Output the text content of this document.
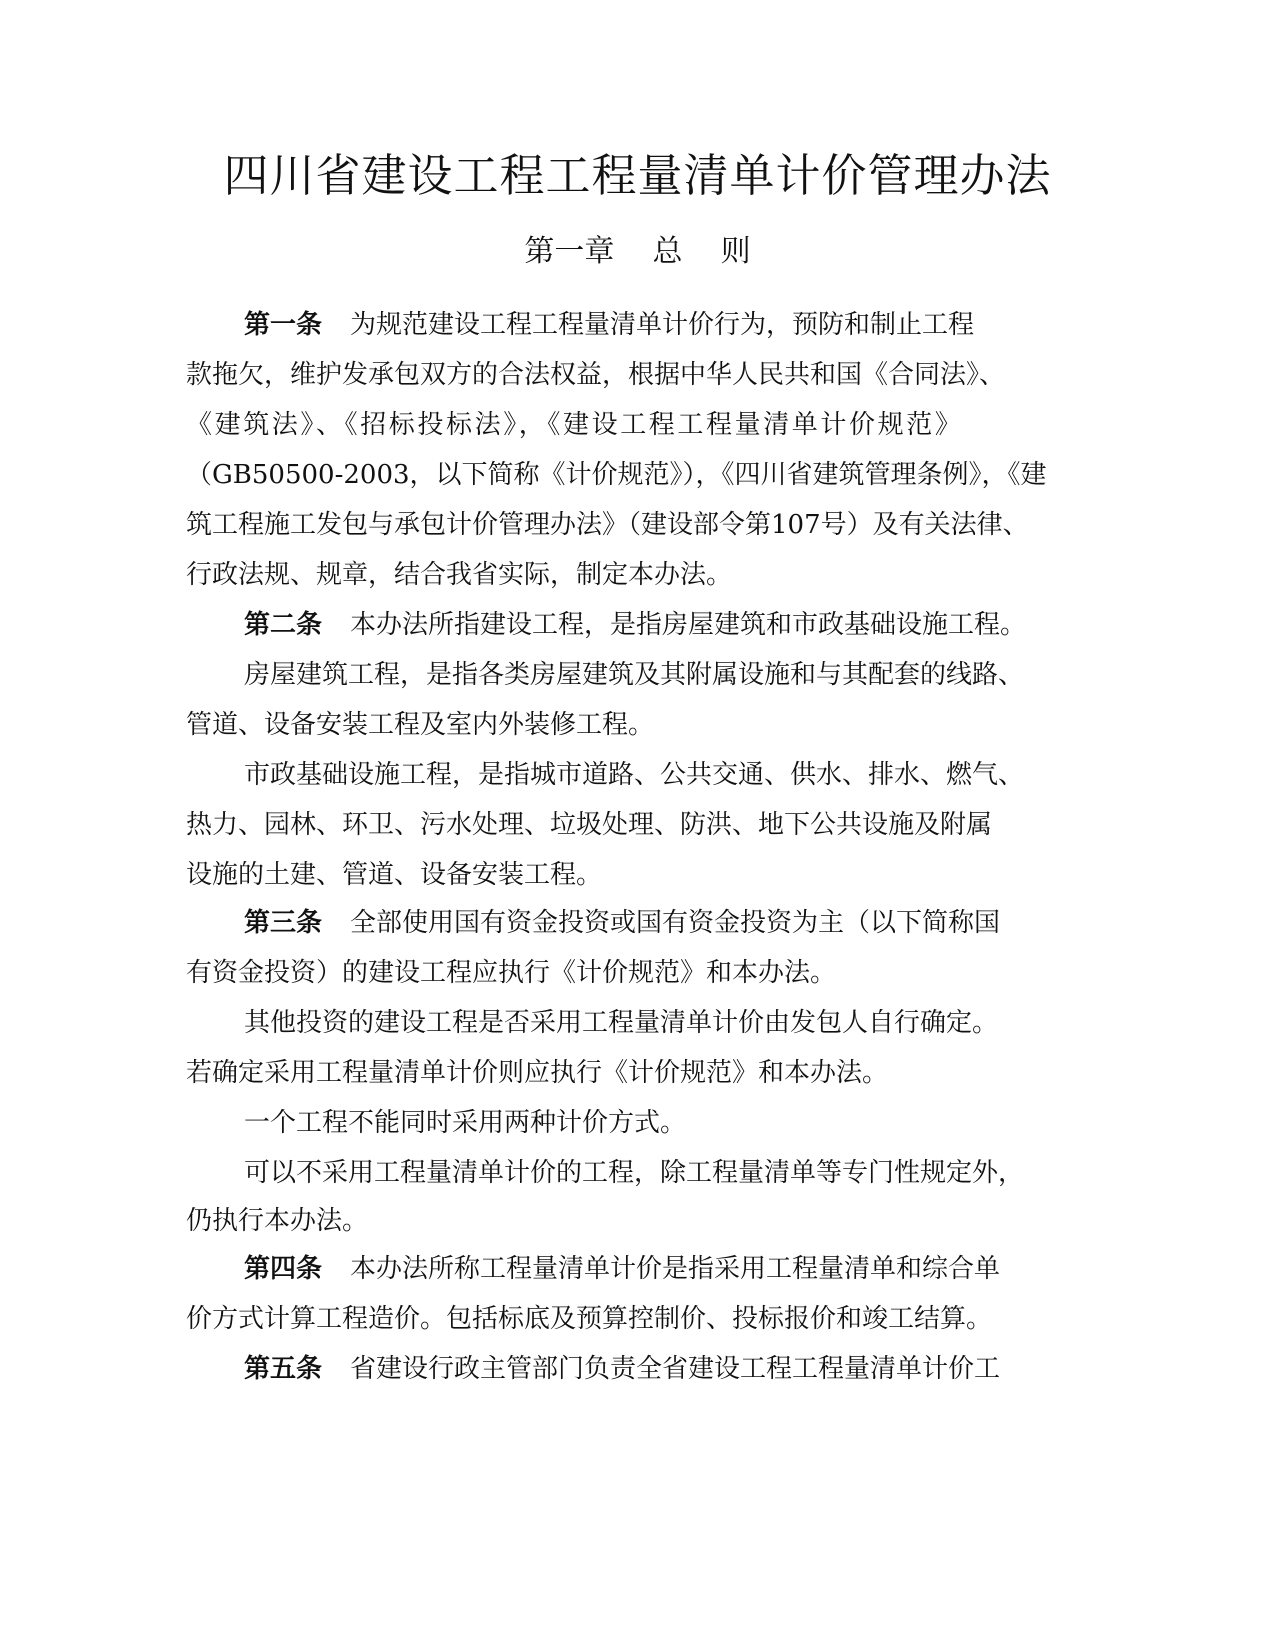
四川省建设工程工程量清单计价管理办法
第一章    总    则
第一条 为规范建设工程工程量清单计价行为，预防和制止工程
款拖欠，维护发承包双方的合法权益，根据中华人民共和国《合同法》、
《建筑法》、《招标投标法》，《建设工程工程量清单计价规范》
（GB50500-2003，以下简称《计价规范》），《四川省建筑管理条例》，《建
筑工程施工发包与承包计价管理办法》（建设部令第107号）及有关法律、
行政法规、规章，结合我省实际，制定本办法。
第二条 本办法所指建设工程，是指房屋建筑和市政基础设施工程。
房屋建筑工程，是指各类房屋建筑及其附属设施和与其配套的线路、
管道、设备安装工程及室内外装修工程。
市政基础设施工程，是指城市道路、公共交通、供水、排水、燃气、
热力、园林、环卫、污水处理、垃圾处理、防洪、地下公共设施及附属
设施的土建、管道、设备安装工程。
第三条 全部使用国有资金投资或国有资金投资为主（以下简称国
有资金投资）的建设工程应执行《计价规范》和本办法。
其他投资的建设工程是否采用工程量清单计价由发包人自行确定。
若确定采用工程量清单计价则应执行《计价规范》和本办法。
一个工程不能同时采用两种计价方式。
可以不采用工程量清单计价的工程，除工程量清单等专门性规定外，
仍执行本办法。
第四条 本办法所称工程量清单计价是指采用工程量清单和综合单
价方式计算工程造价。包括标底及预算控制价、投标报价和竣工结算。
第五条 省建设行政主管部门负责全省建设工程工程量清单计价工
